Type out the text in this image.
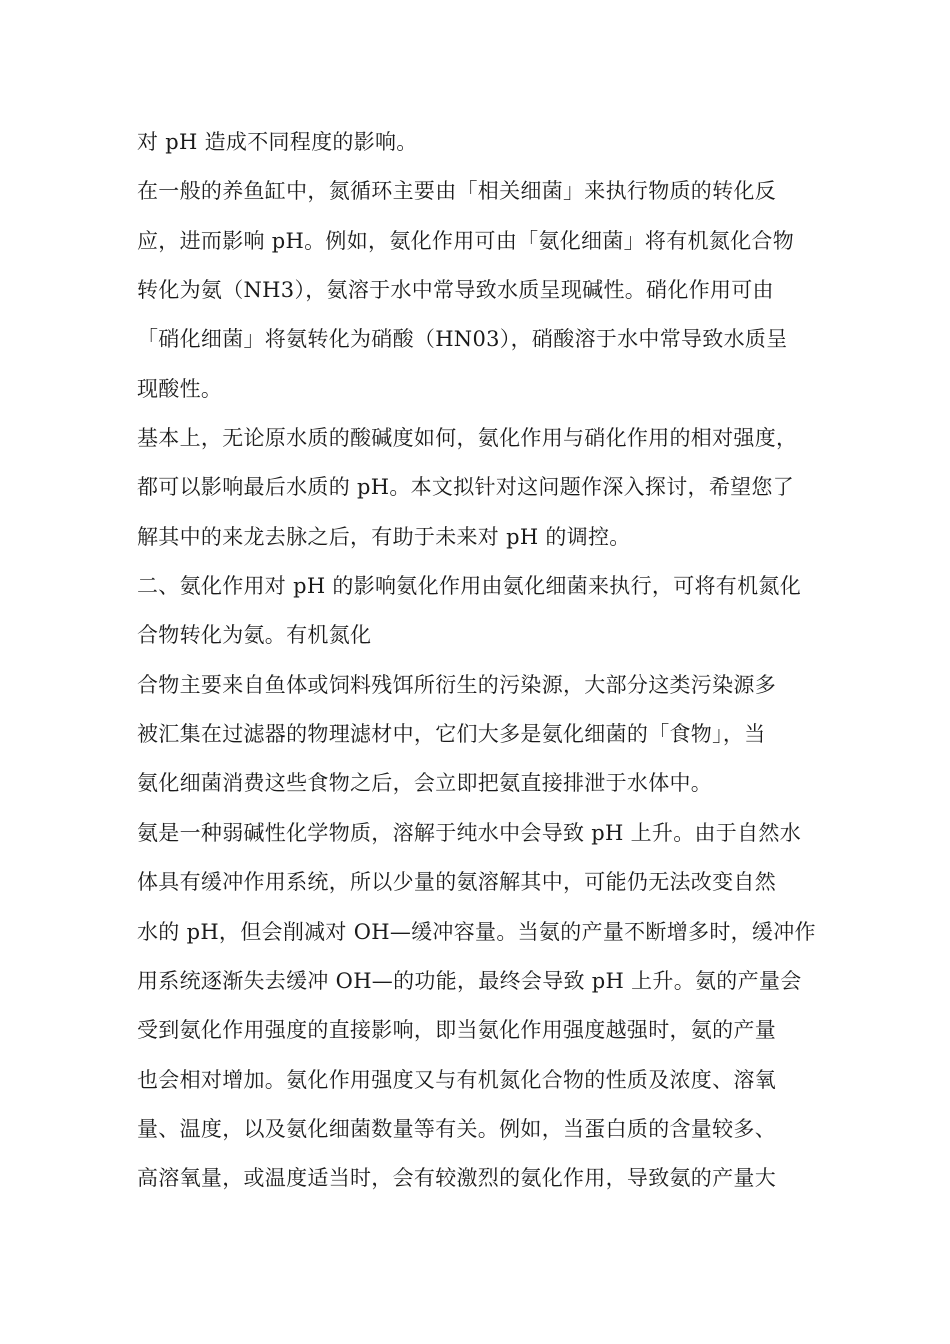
对 pH 造成不同程度的影响。
在一般的养鱼缸中，氮循环主要由「相关细菌」来执行物质的转化反
应，进而影响 pH。例如，氨化作用可由「氨化细菌」将有机氮化合物
转化为氨（NH3），氨溶于水中常导致水质呈现碱性。硝化作用可由
「硝化细菌」将氨转化为硝酸（HN03），硝酸溶于水中常导致水质呈
现酸性。
基本上，无论原水质的酸碱度如何，氨化作用与硝化作用的相对强度，
都可以影响最后水质的 pH。本文拟针对这问题作深入探讨，希望您了
解其中的来龙去脉之后，有助于未来对 pH 的调控。
二、氨化作用对 pH 的影响氨化作用由氨化细菌来执行，可将有机氮化
合物转化为氨。有机氮化
合物主要来自鱼体或饲料残饵所衍生的污染源，大部分这类污染源多
被汇集在过滤器的物理滤材中，它们大多是氨化细菌的「食物」，当
氨化细菌消费这些食物之后，会立即把氨直接排泄于水体中。
氨是一种弱碱性化学物质，溶解于纯水中会导致 pH 上升。由于自然水
体具有缓冲作用系统，所以少量的氨溶解其中，可能仍无法改变自然
水的 pH，但会削减对 OH—缓冲容量。当氨的产量不断增多时，缓冲作
用系统逐渐失去缓冲 OH—的功能，最终会导致 pH 上升。氨的产量会
受到氨化作用强度的直接影响，即当氨化作用强度越强时，氨的产量
也会相对增加。氨化作用强度又与有机氮化合物的性质及浓度、溶氧
量、温度，以及氨化细菌数量等有关。例如，当蛋白质的含量较多、
高溶氧量，或温度适当时，会有较激烈的氨化作用，导致氨的产量大
